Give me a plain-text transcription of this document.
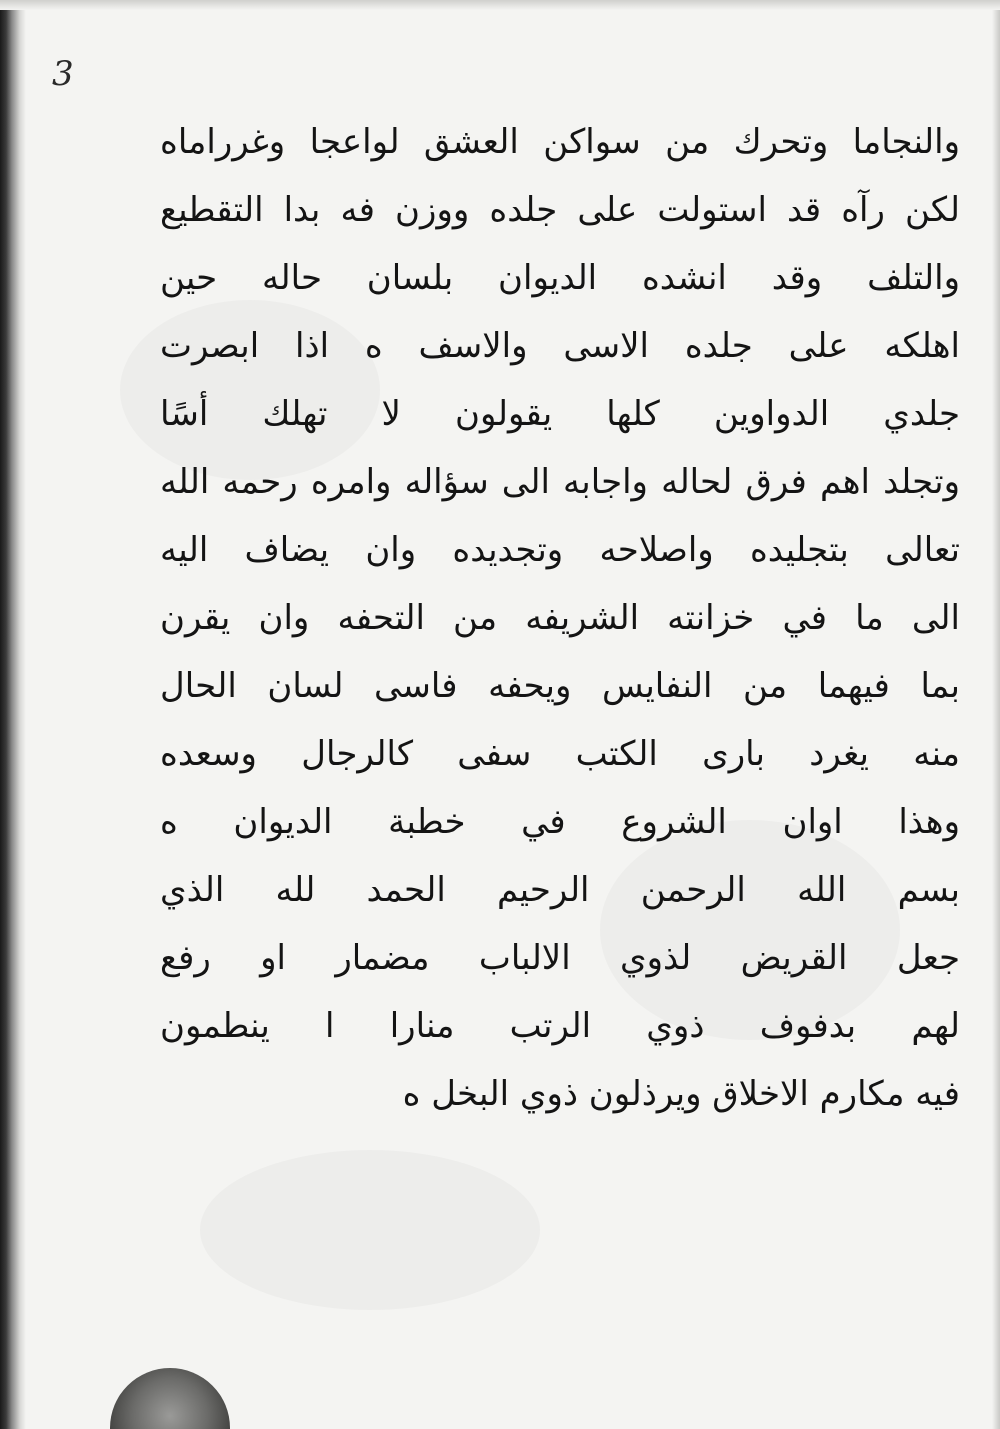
3
والنجاما وتحرك من سواكن العشق لواعجا وغرراماه
لكن رآه قد استولت على جلده ووزن فه بدا التقطيع
والتلف وقد انشده الديوان بلسان حاله حين
اهلكه على جلده الاسى والاسف ه اذا ابصرت
جلدي الدواوين كلها يقولون لا تهلك أسًا
وتجلد اهم فرق لحاله واجابه الى سؤاله وامره رحمه الله
تعالى بتجليده واصلاحه وتجديده وان يضاف اليه
الى ما في خزانته الشريفه من التحفه وان يقرن
بما فيهما من النفايس ويحفه فاسى لسان الحال
منه يغرد بارى الكتب سفى كالرجال وسعده
وهذا اوان الشروع في خطبة الديوان ه
بسم الله الرحمن الرحيم الحمد لله الذي
جعل القريض لذوي الالباب مضمار او رفع
لهم بدفوف ذوي الرتب منارا ا ينطمون
فيه مكارم الاخلاق ويرذلون ذوي البخل ه
